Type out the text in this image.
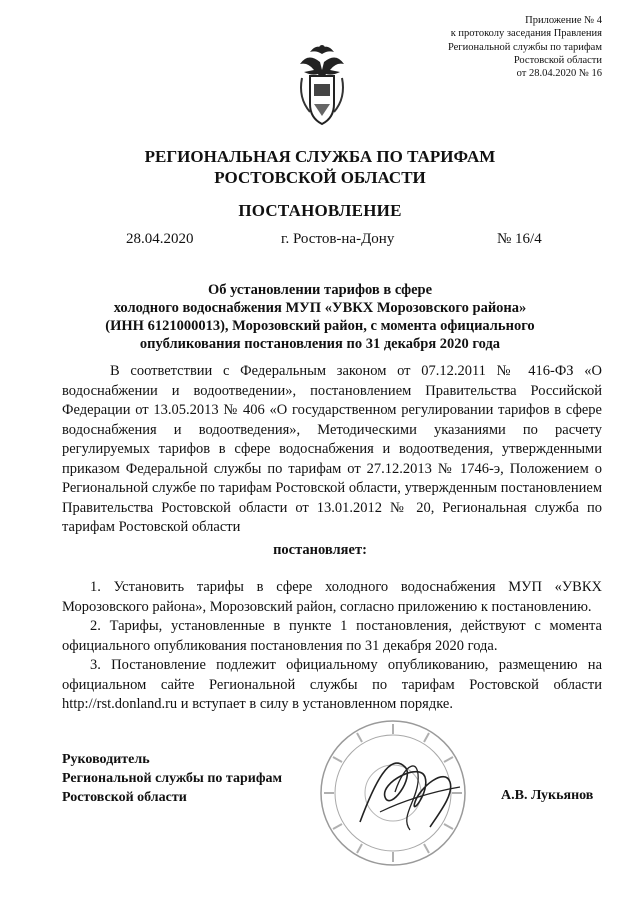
Приложение № 4
к протоколу заседания Правления
Региональной службы по тарифам
Ростовской области
от 28.04.2020 № 16
РЕГИОНАЛЬНАЯ СЛУЖБА ПО ТАРИФАМ
РОСТОВСКОЙ ОБЛАСТИ
ПОСТАНОВЛЕНИЕ
28.04.2020	г. Ростов-на-Дону	№ 16/4
Об установлении тарифов в сфере
холодного водоснабжения МУП «УВКХ Морозовского района»
(ИНН 6121000013), Морозовский район, с момента официального
опубликования постановления по 31 декабря 2020 года
В соответствии с Федеральным законом от 07.12.2011 № 416-ФЗ «О водоснабжении и водоотведении», постановлением Правительства Российской Федерации от 13.05.2013 № 406 «О государственном регулировании тарифов в сфере водоснабжения и водоотведения», Методическими указаниями по расчету регулируемых тарифов в сфере водоснабжения и водоотведения, утвержденными приказом Федеральной службы по тарифам от 27.12.2013 № 1746-э, Положением о Региональной службе по тарифам Ростовской области, утвержденным постановлением Правительства Ростовской области от 13.01.2012 № 20, Региональная служба по тарифам Ростовской области
постановляет:
1. Установить тарифы в сфере холодного водоснабжения МУП «УВКХ Морозовского района», Морозовский район, согласно приложению к постановлению.
2. Тарифы, установленные в пункте 1 постановления, действуют с момента официального опубликования постановления по 31 декабря 2020 года.
3. Постановление подлежит официальному опубликованию, размещению на официальном сайте Региональной службы по тарифам Ростовской области http://rst.donland.ru и вступает в силу в установленном порядке.
Руководитель
Региональной службы по тарифам
Ростовской области	А.В. Лукьянов
